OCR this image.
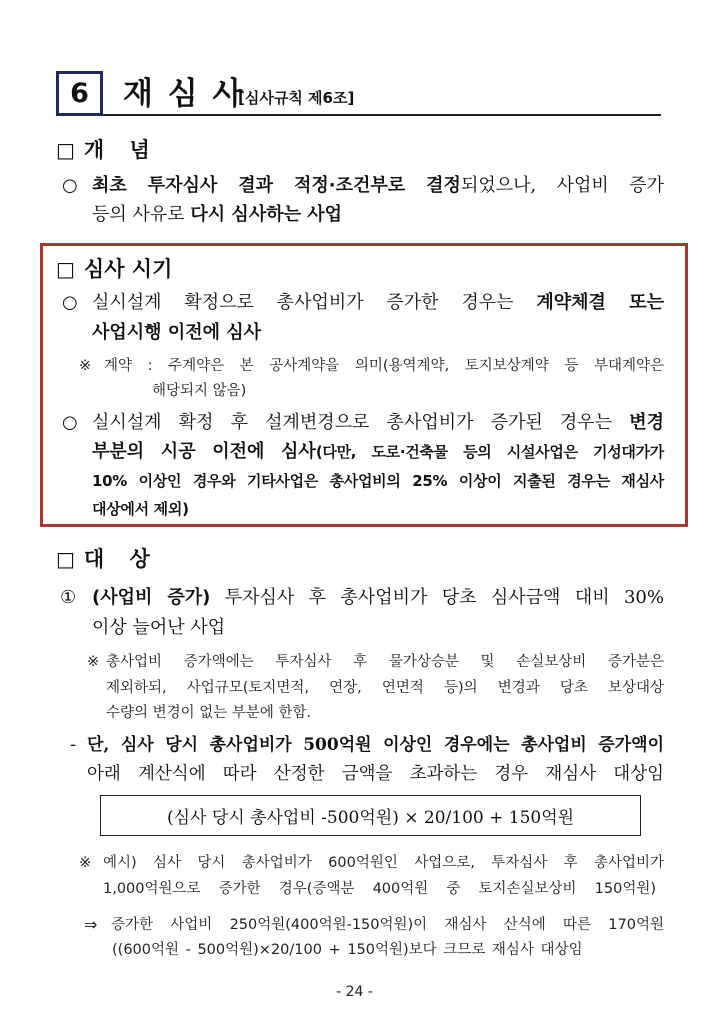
6 재 심 사
[심사규칙 제6조]
□ 개 념
○ 최초 투자심사 결과 적정·조건부로 결정되었으나, 사업비 증가
등의 사유로 다시 심사하는 사업
□ 심사 시기
○ 실시설계 확정으로 총사업비가 증가한 경우는 계약체결 또는
사업시행 이전에 심사
※ 계약 : 주계약은 본 공사계약을 의미(용역계약, 토지보상계약 등 부대계약은
해당되지 않음)
○ 실시설계 확정 후 설계변경으로 총사업비가 증가된 경우는 변경
부분의 시공 이전에 심사(다만, 도로·건축물 등의 시설사업은 기성대가가
10% 이상인 경우와 기타사업은 총사업비의 25% 이상이 지출된 경우는 재심사
대상에서 제외)
□ 대 상
① (사업비 증가) 투자심사 후 총사업비가 당초 심사금액 대비 30%
이상 늘어난 사업
※ 총사업비 증가액에는 투자심사 후 물가상승분 및 손실보상비 증가분은
제외하되, 사업규모(토지면적, 연장, 연면적 등)의 변경과 당초 보상대상
수량의 변경이 없는 부분에 한함.
- 단, 심사 당시 총사업비가 500억원 이상인 경우에는 총사업비 증가액이
아래 계산식에 따라 산정한 금액을 초과하는 경우 재심사 대상임
(심사 당시 총사업비 -500억원) × 20/100 + 150억원
※ 예시) 심사 당시 총사업비가 600억원인 사업으로, 투자심사 후 총사업비가
1,000억원으로 증가한 경우(증액분 400억원 중 토지손실보상비 150억원)
⇒ 증가한 사업비 250억원(400억원-150억원)이 재심사 산식에 따른 170억원
((600억원 - 500억원)×20/100 + 150억원)보다 크므로 재심사 대상임
- 24 -
